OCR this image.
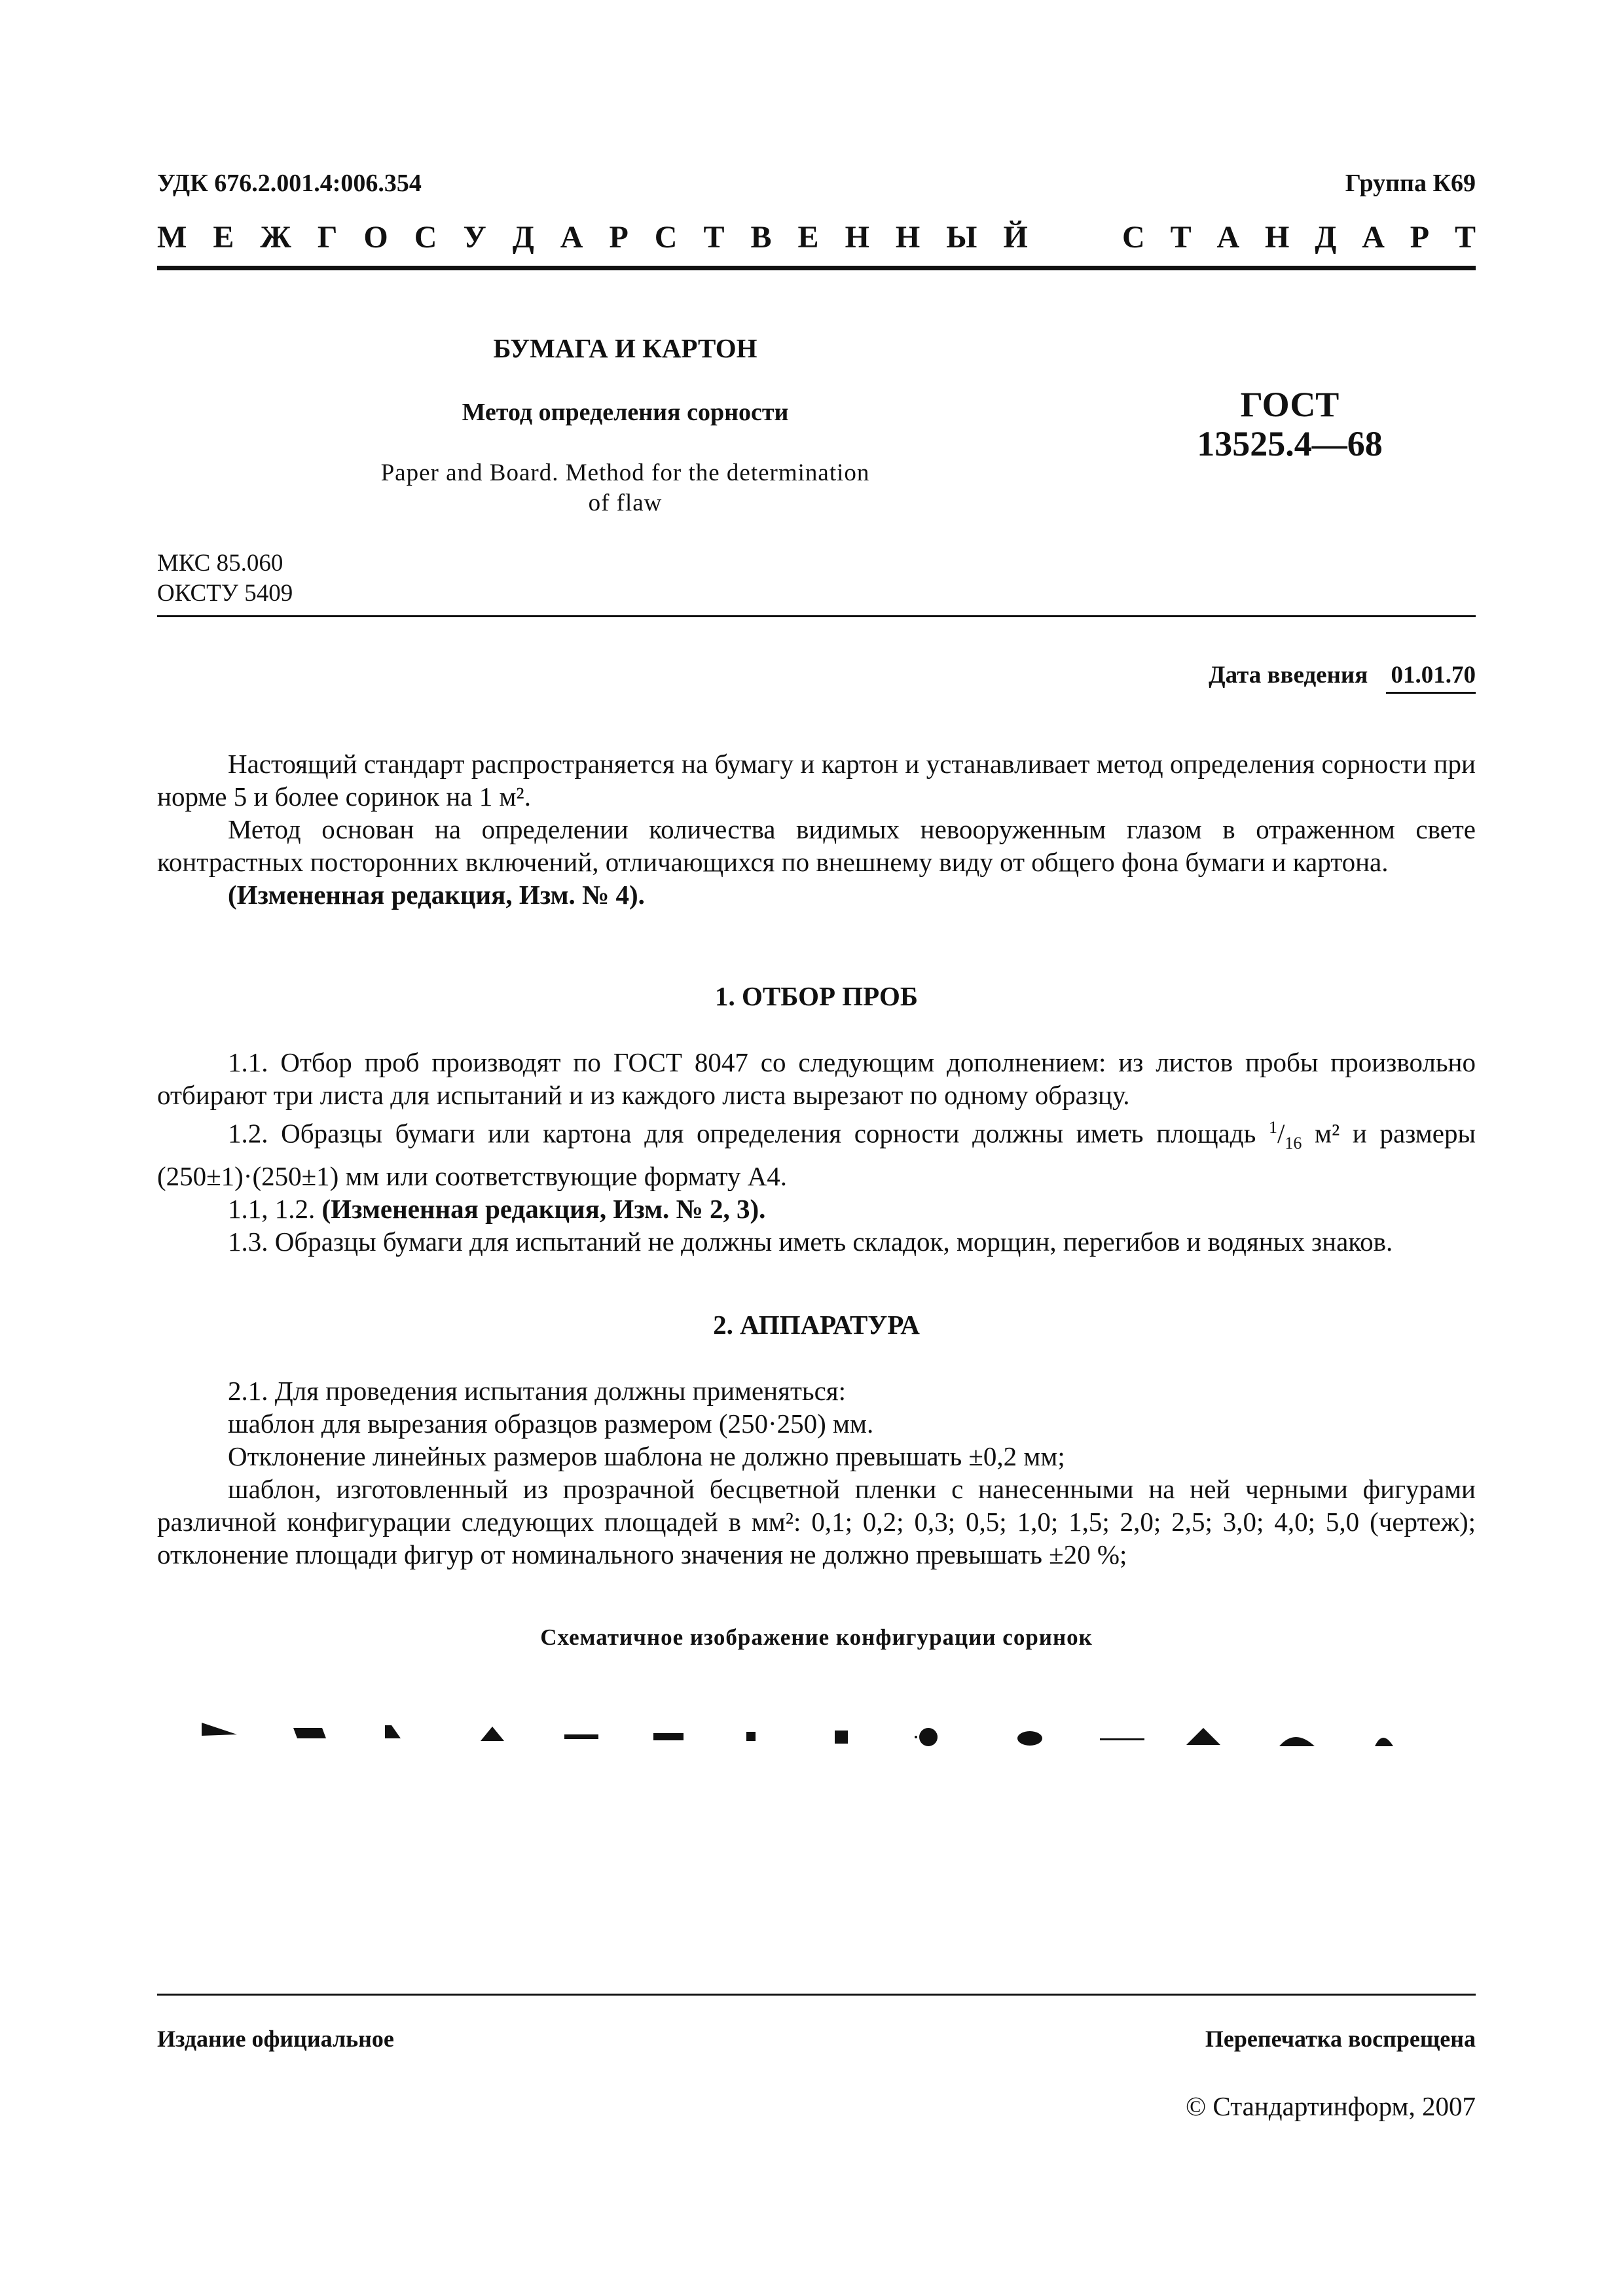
УДК 676.2.001.4:006.354	Группа К69
М Е Ж Г О С У Д А Р С Т В Е Н Н Ы Й	С Т А Н Д А Р Т
БУМАГА И КАРТОН
Метод определения сорности
Paper and Board. Method for the determination
of flaw
ГОСТ
13525.4—68
МКС 85.060
ОКСТУ 5409
Дата введения 01.01.70

Настоящий стандарт распространяется на бумагу и картон и устанавливает метод определения сорности при норме 5 и более соринок на 1 м².

Метод основан на определении количества видимых невооруженным глазом в отраженном свете контрастных посторонних включений, отличающихся по внешнему виду от общего фона бумаги и картона.

(Измененная редакция, Изм. № 4).

1. ОТБОР ПРОБ

1.1. Отбор проб производят по ГОСТ 8047 со следующим дополнением: из листов пробы произвольно отбирают три листа для испытаний и из каждого листа вырезают по одному образцу.

1.2. Образцы бумаги или картона для определения сорности должны иметь площадь $^1/_{16}$ м² и размеры (250±1)·(250±1) мм или соответствующие формату А4.

1.1, 1.2. (Измененная редакция, Изм. № 2, 3).

1.3. Образцы бумаги для испытаний не должны иметь складок, морщин, перегибов и водяных знаков.

2. АППАРАТУРА

2.1. Для проведения испытания должны применяться:

шаблон для вырезания образцов размером (250·250) мм.

Отклонение линейных размеров шаблона не должно превышать ±0,2 мм;

шаблон, изготовленный из прозрачной бесцветной пленки с нанесенными на ней черными фигурами различной конфигурации следующих площадей в мм²: 0,1; 0,2; 0,3; 0,5; 1,0; 1,5; 2,0; 2,5; 3,0; 4,0; 5,0 (чертеж); отклонение площади фигур от номинального значения не должно превышать ±20 %;

Схематичное изображение конфигурации соринок
Издание официальное	Перепечатка воспрещена
© Стандартинформ, 2007
